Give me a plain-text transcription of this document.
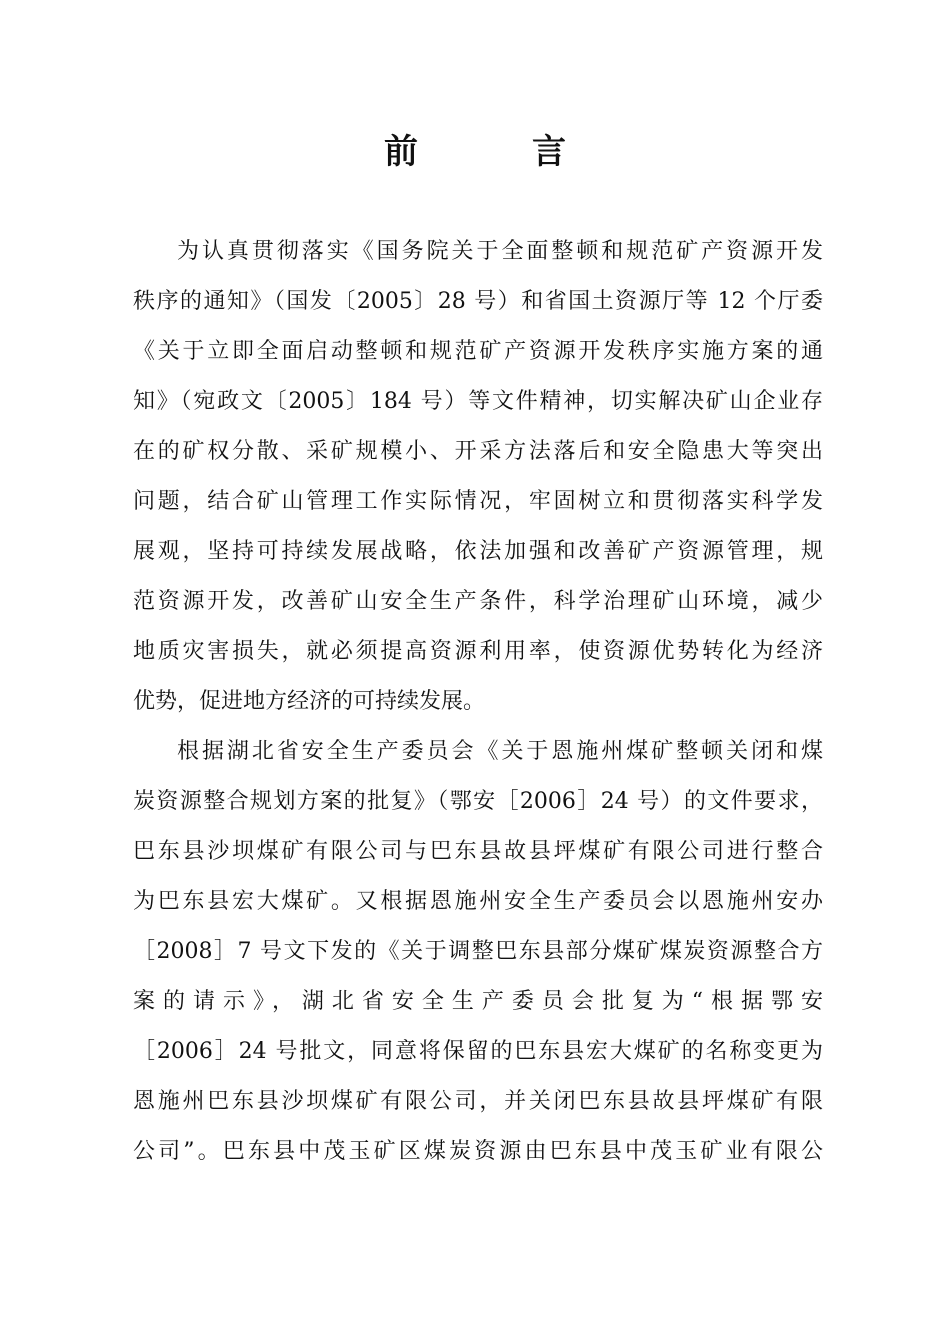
前　言
为认真贯彻落实《国务院关于全面整顿和规范矿产资源开发
秩序的通知》（国发〔2005〕28 号）和省国土资源厅等 12 个厅委
《关于立即全面启动整顿和规范矿产资源开发秩序实施方案的通
知》（宛政文〔2005〕184 号）等文件精神，切实解决矿山企业存
在的矿权分散、采矿规模小、开采方法落后和安全隐患大等突出
问题，结合矿山管理工作实际情况，牢固树立和贯彻落实科学发
展观，坚持可持续发展战略，依法加强和改善矿产资源管理，规
范资源开发，改善矿山安全生产条件，科学治理矿山环境，减少
地质灾害损失，就必须提高资源利用率，使资源优势转化为经济
优势，促进地方经济的可持续发展。
根据湖北省安全生产委员会《关于恩施州煤矿整顿关闭和煤
炭资源整合规划方案的批复》（鄂安［2006］24 号）的文件要求，
巴东县沙坝煤矿有限公司与巴东县故县坪煤矿有限公司进行整合
为巴东县宏大煤矿。又根据恩施州安全生产委员会以恩施州安办
［2008］7 号文下发的《关于调整巴东县部分煤矿煤炭资源整合方
案的请示》，湖北省安全生产委员会批复为“根据鄂安
［2006］24 号批文，同意将保留的巴东县宏大煤矿的名称变更为
恩施州巴东县沙坝煤矿有限公司，并关闭巴东县故县坪煤矿有限
公司”。巴东县中茂玉矿区煤炭资源由巴东县中茂玉矿业有限公
